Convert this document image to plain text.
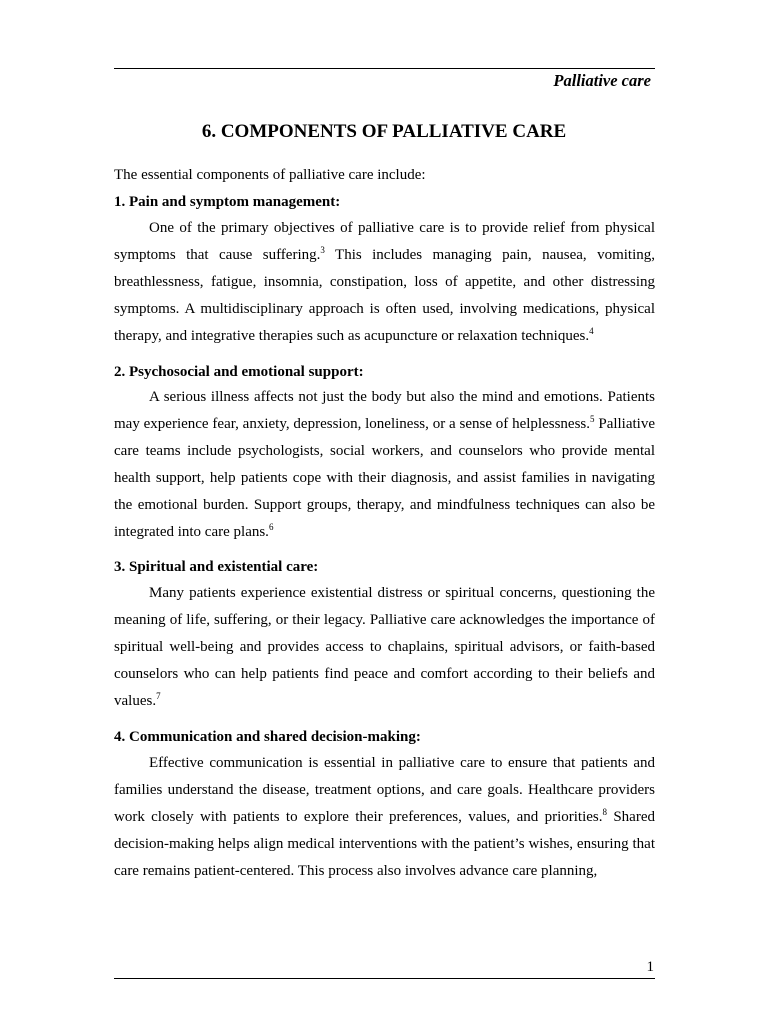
Palliative care
6. COMPONENTS OF PALLIATIVE CARE

The essential components of palliative care include:

1. Pain and symptom management:

One of the primary objectives of palliative care is to provide relief from physical symptoms that cause suffering.$^3$ This includes managing pain, nausea, vomiting, breathlessness, fatigue, insomnia, constipation, loss of appetite, and other distressing symptoms. A multidisciplinary approach is often used, involving medications, physical therapy, and integrative therapies such as acupuncture or relaxation techniques.$^4$

2. Psychosocial and emotional support:

A serious illness affects not just the body but also the mind and emotions. Patients may experience fear, anxiety, depression, loneliness, or a sense of helplessness.$^5$ Palliative care teams include psychologists, social workers, and counselors who provide mental health support, help patients cope with their diagnosis, and assist families in navigating the emotional burden. Support groups, therapy, and mindfulness techniques can also be integrated into care plans.$^6$

3. Spiritual and existential care:

Many patients experience existential distress or spiritual concerns, questioning the meaning of life, suffering, or their legacy. Palliative care acknowledges the importance of spiritual well-being and provides access to chaplains, spiritual advisors, or faith-based counselors who can help patients find peace and comfort according to their beliefs and values.$^7$

4. Communication and shared decision-making:

Effective communication is essential in palliative care to ensure that patients and families understand the disease, treatment options, and care goals. Healthcare providers work closely with patients to explore their preferences, values, and priorities.$^8$ Shared decision-making helps align medical interventions with the patient’s wishes, ensuring that care remains patient-centered. This process also involves advance care planning,

1
